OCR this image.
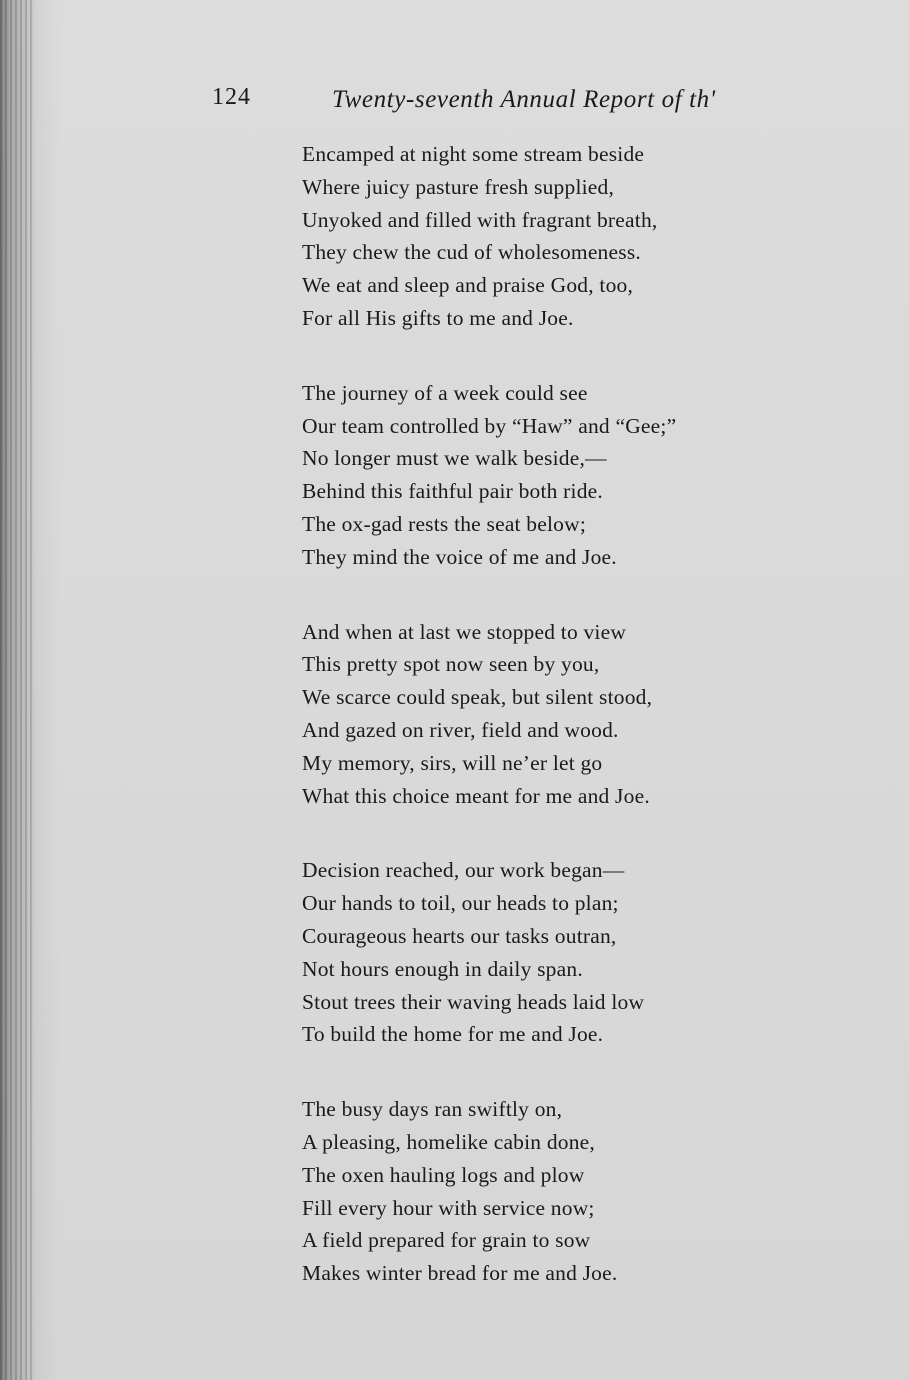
124	Twenty-seventh Annual Report of th'
Encamped at night some stream beside
Where juicy pasture fresh supplied,
Unyoked and filled with fragrant breath,
They chew the cud of wholesomeness.
We eat and sleep and praise God, too,
For all His gifts to me and Joe.
The journey of a week could see
Our team controlled by “Haw” and “Gee;”
No longer must we walk beside,—
Behind this faithful pair both ride.
The ox-gad rests the seat below;
They mind the voice of me and Joe.
And when at last we stopped to view
This pretty spot now seen by you,
We scarce could speak, but silent stood,
And gazed on river, field and wood.
My memory, sirs, will ne’er let go
What this choice meant for me and Joe.
Decision reached, our work began—
Our hands to toil, our heads to plan;
Courageous hearts our tasks outran,
Not hours enough in daily span.
Stout trees their waving heads laid low
To build the home for me and Joe.
The busy days ran swiftly on,
A pleasing, homelike cabin done,
The oxen hauling logs and plow
Fill every hour with service now;
A field prepared for grain to sow
Makes winter bread for me and Joe.
